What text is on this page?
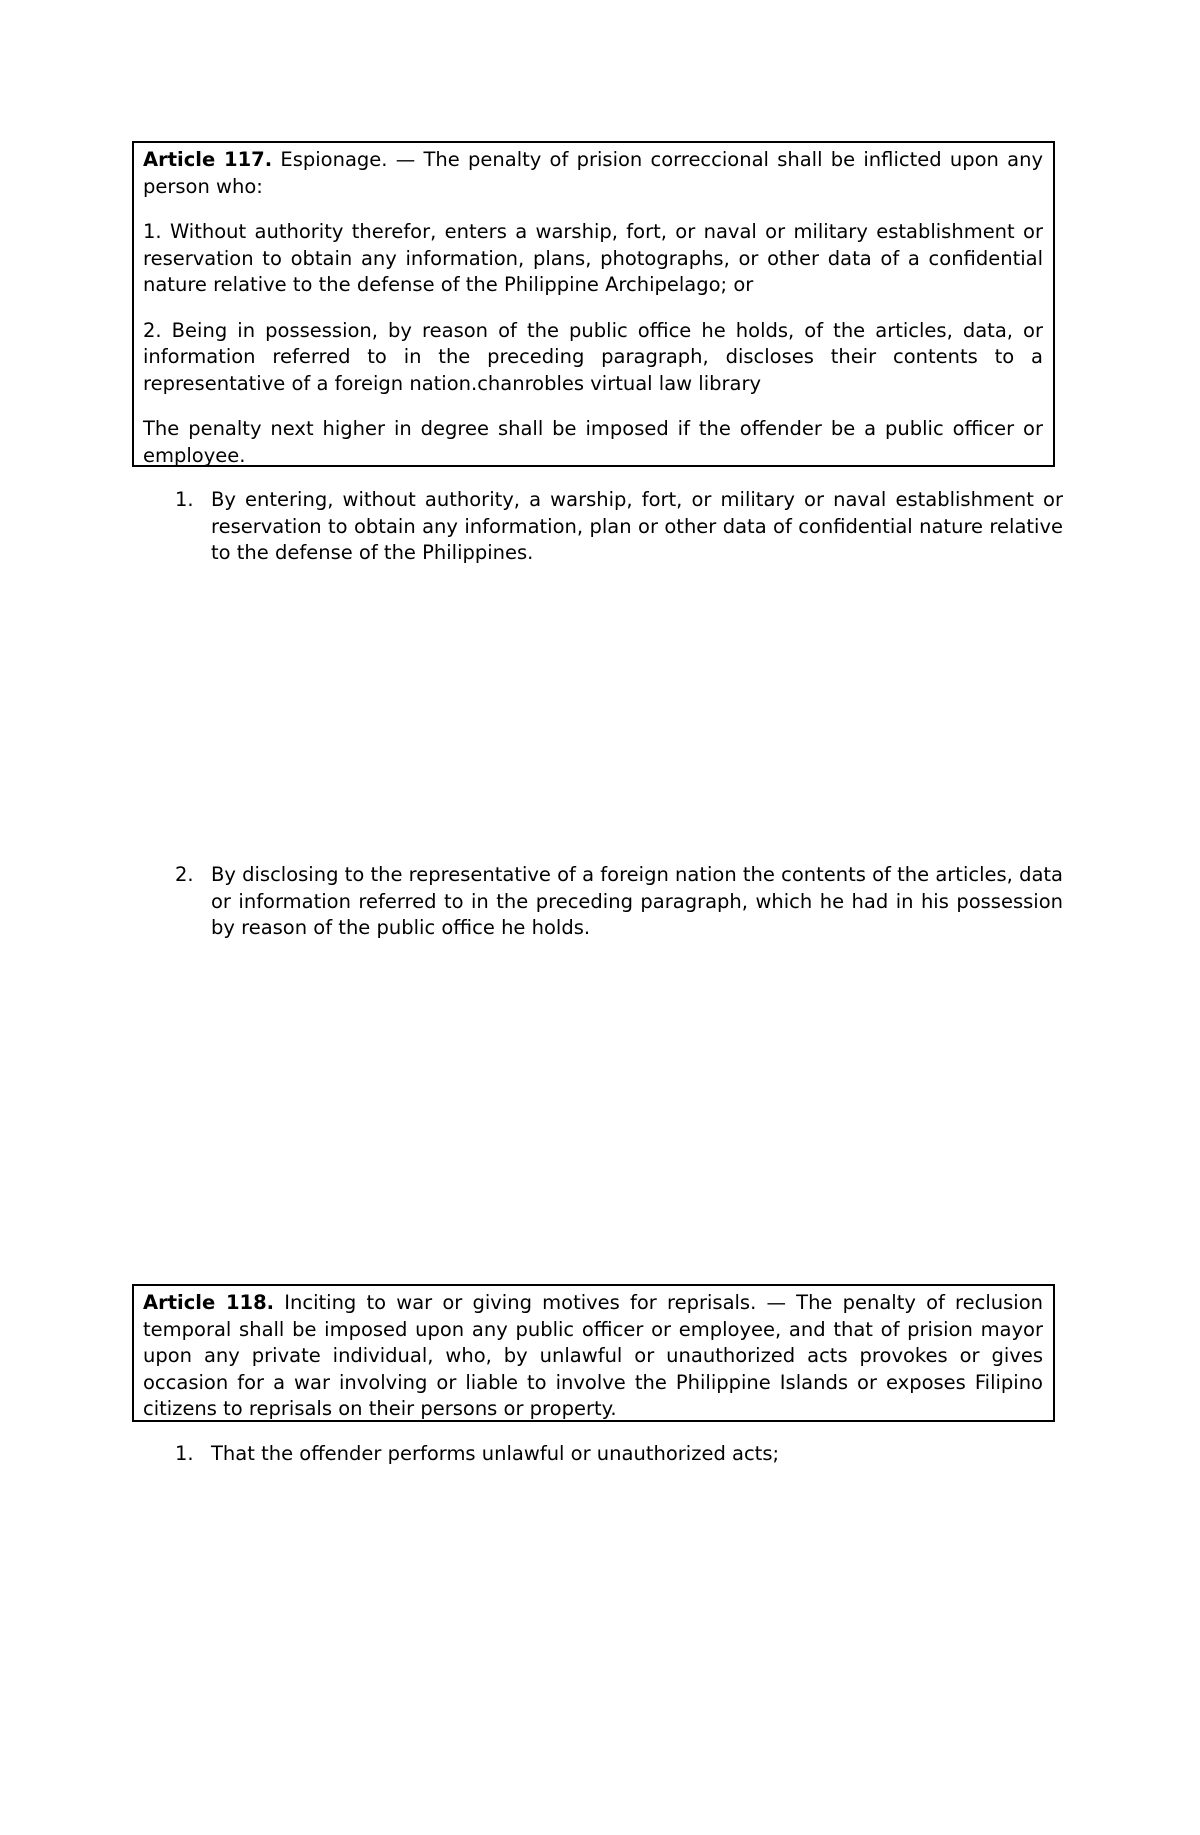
Article 117. Espionage. — The penalty of prision correccional shall be inflicted upon any person who:

1. Without authority therefor, enters a warship, fort, or naval or military establishment or reservation to obtain any information, plans, photographs, or other data of a confidential nature relative to the defense of the Philippine Archipelago; or

2. Being in possession, by reason of the public office he holds, of the articles, data, or information referred to in the preceding paragraph, discloses their contents to a representative of a foreign nation.chanrobles virtual law library

The penalty next higher in degree shall be imposed if the offender be a public officer or employee.

1. By entering, without authority, a warship, fort, or military or naval establishment or reservation to obtain any information, plan or other data of confidential nature relative to the defense of the Philippines.
2. By disclosing to the representative of a foreign nation the contents of the articles, data or information referred to in the preceding paragraph, which he had in his possession by reason of the public office he holds.

Article 118. Inciting to war or giving motives for reprisals. — The penalty of reclusion temporal shall be imposed upon any public officer or employee, and that of prision mayor upon any private individual, who, by unlawful or unauthorized acts provokes or gives occasion for a war involving or liable to involve the Philippine Islands or exposes Filipino citizens to reprisals on their persons or property.

1. That the offender performs unlawful or unauthorized acts;
